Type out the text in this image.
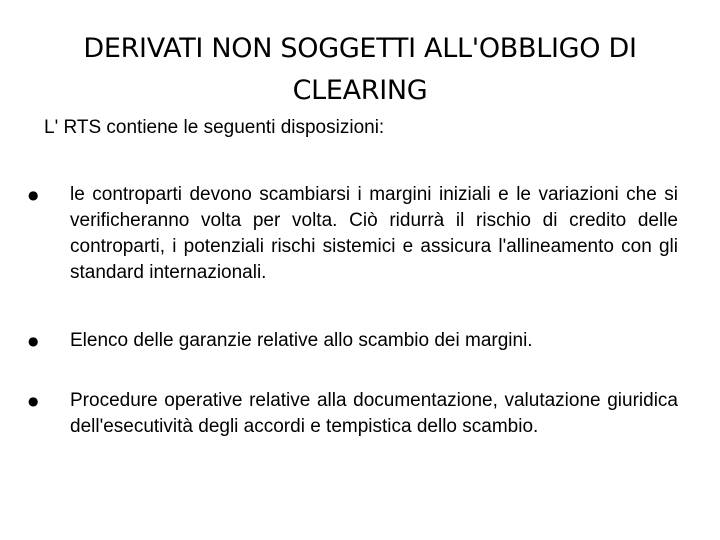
DERIVATI NON SOGGETTI ALL'OBBLIGO DI
CLEARING

L' RTS contiene le seguenti disposizioni:

● le controparti devono scambiarsi i margini iniziali e le variazioni che si verificheranno volta per volta. Ciò ridurrà il rischio di credito delle controparti, i potenziali rischi sistemici e assicura l'allineamento con gli standard internazionali.
● Elenco delle garanzie relative allo scambio dei margini.
● Procedure operative relative alla documentazione, valutazione giuridica dell'esecutività degli accordi e tempistica dello scambio.
